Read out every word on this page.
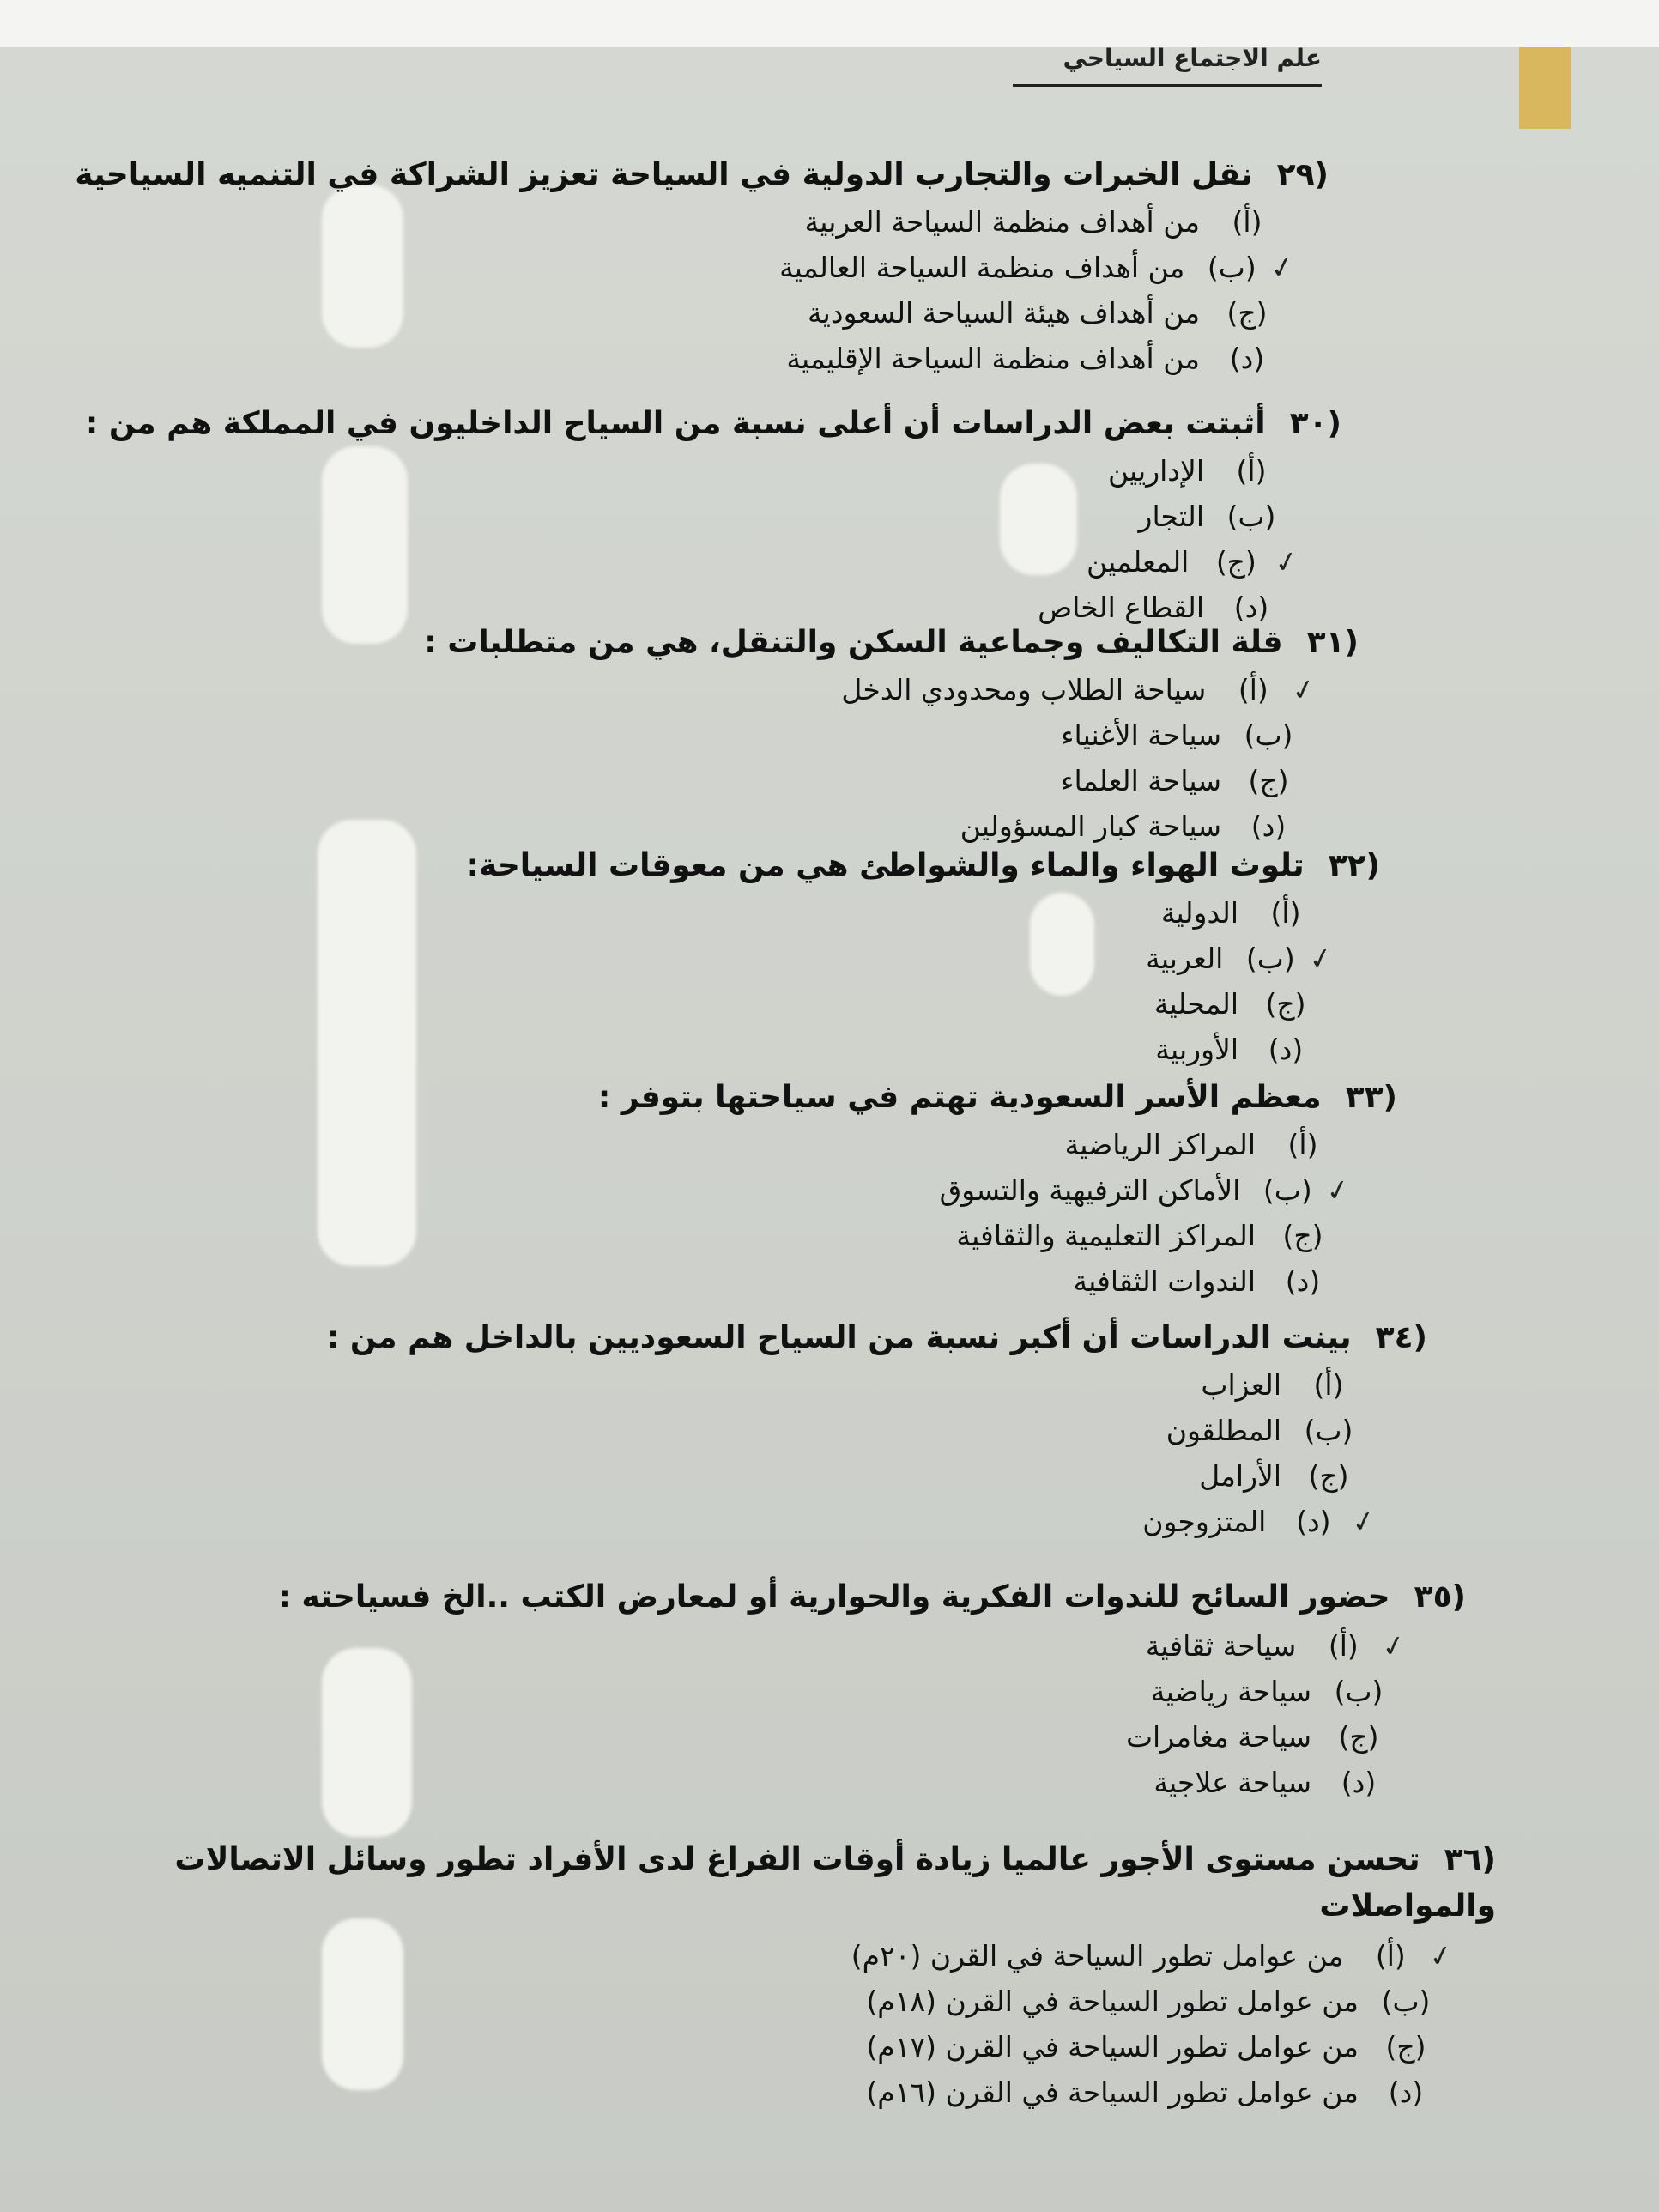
علم الاجتماع السياحي
(٢٩نقل الخبرات والتجارب الدولية في السياحة تعزيز الشراكة في التنميه السياحية
(أ)من أهداف منظمة السياحة العربية
✓(ب)من أهداف منظمة السياحة العالمية
(ج)من أهداف هيئة السياحة السعودية
(د)من أهداف منظمة السياحة الإقليمية
(٣٠أثبتت بعض الدراسات أن أعلى نسبة من السياح الداخليون في المملكة هم من :
(أ)الإداريين
(ب)التجار
✓(ج)المعلمين
(د)القطاع الخاص
(٣١قلة التكاليف وجماعية السكن والتنقل، هي من متطلبات :
✓(أ)سياحة الطلاب ومحدودي الدخل
(ب)سياحة الأغنياء
(ج)سياحة العلماء
(د)سياحة كبار المسؤولين
(٣٢تلوث الهواء والماء والشواطئ هي من معوقات السياحة:
(أ)الدولية
✓(ب)العربية
(ج)المحلية
(د)الأوربية
(٣٣معظم الأسر السعودية تهتم في سياحتها بتوفر :
(أ)المراكز الرياضية
✓(ب)الأماكن الترفيهية والتسوق
(ج)المراكز التعليمية والثقافية
(د)الندوات الثقافية
(٣٤بينت الدراسات أن أكبر نسبة من السياح السعوديين بالداخل هم من :
(أ)العزاب
(ب)المطلقون
(ج)الأرامل
✓(د)المتزوجون
(٣٥حضور السائح للندوات الفكرية والحوارية أو لمعارض الكتب ..الخ فسياحته :
✓(أ)سياحة ثقافية
(ب)سياحة رياضية
(ج)سياحة مغامرات
(د)سياحة علاجية
(٣٦تحسن مستوى الأجور عالميا زيادة أوقات الفراغ لدى الأفراد تطور وسائل الاتصالات والمواصلات
✓(أ)من عوامل تطور السياحة في القرن (٢٠م)
(ب)من عوامل تطور السياحة في القرن (١٨م)
(ج)من عوامل تطور السياحة في القرن (١٧م)
(د)من عوامل تطور السياحة في القرن (١٦م)
